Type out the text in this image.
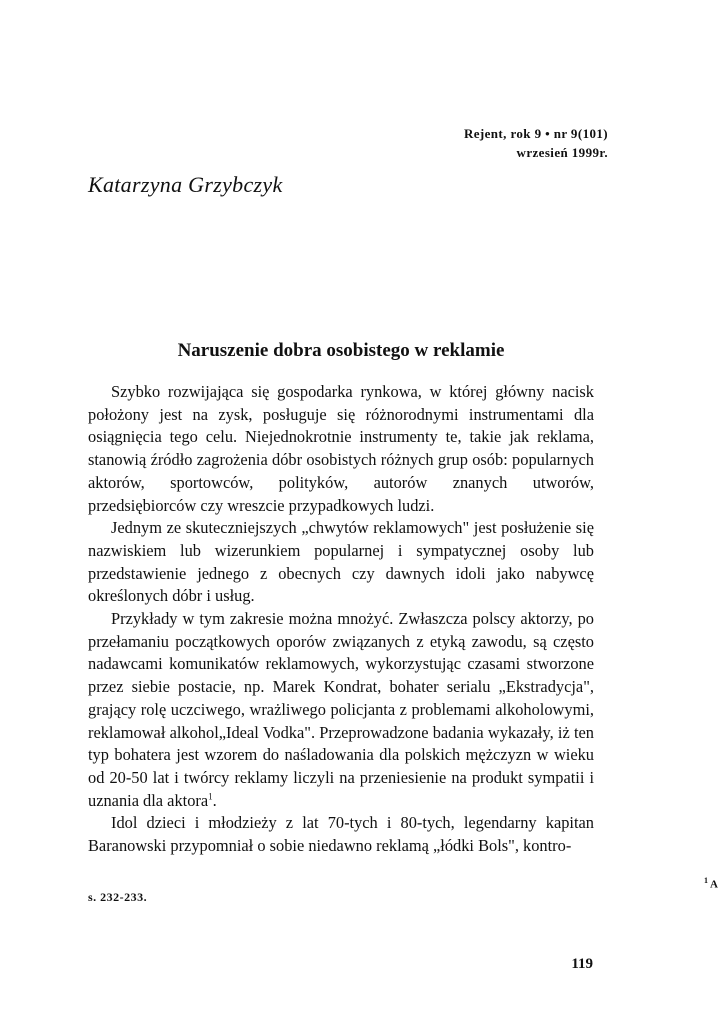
Rejent, rok 9 • nr 9(101)
wrzesień 1999r.
Katarzyna Grzybczyk
Naruszenie dobra osobistego w reklamie

Szybko rozwijająca się gospodarka rynkowa, w której główny nacisk położony jest na zysk, posługuje się różnorodnymi instrumentami dla osiągnięcia tego celu. Niejednokrotnie instrumenty te, takie jak reklama, stanowią źródło zagrożenia dóbr osobistych różnych grup osób: popularnych aktorów, sportowców, polityków, autorów znanych utworów, przedsiębiorców czy wreszcie przypadkowych ludzi.

Jednym ze skuteczniejszych „chwytów reklamowych" jest posłużenie się nazwiskiem lub wizerunkiem popularnej i sympatycznej osoby lub przedstawienie jednego z obecnych czy dawnych idoli jako nabywcę określonych dóbr i usług.

Przykłady w tym zakresie można mnożyć. Zwłaszcza polscy aktorzy, po przełamaniu początkowych oporów związanych z etyką zawodu, są często nadawcami komunikatów reklamowych, wykorzystując czasami stworzone przez siebie postacie, np. Marek Kondrat, bohater serialu „Ekstradycja", grający rolę uczciwego, wrażliwego policjanta z problemami alkoholowymi, reklamował alkohol„Ideal Vodka". Przeprowadzone badania wykazały, iż ten typ bohatera jest wzorem do naśladowania dla polskich mężczyzn w wieku od 20-50 lat i twórcy reklamy liczyli na przeniesienie na produkt sympatii i uznania dla aktora$^1$.

Idol dzieci i młodzieży z lat 70-tych i 80-tych, legendarny kapitan Baranowski przypomniał o sobie niedawno reklamą „łódki Bols", kontro-

$^1$ A
s. 232-233.
119
